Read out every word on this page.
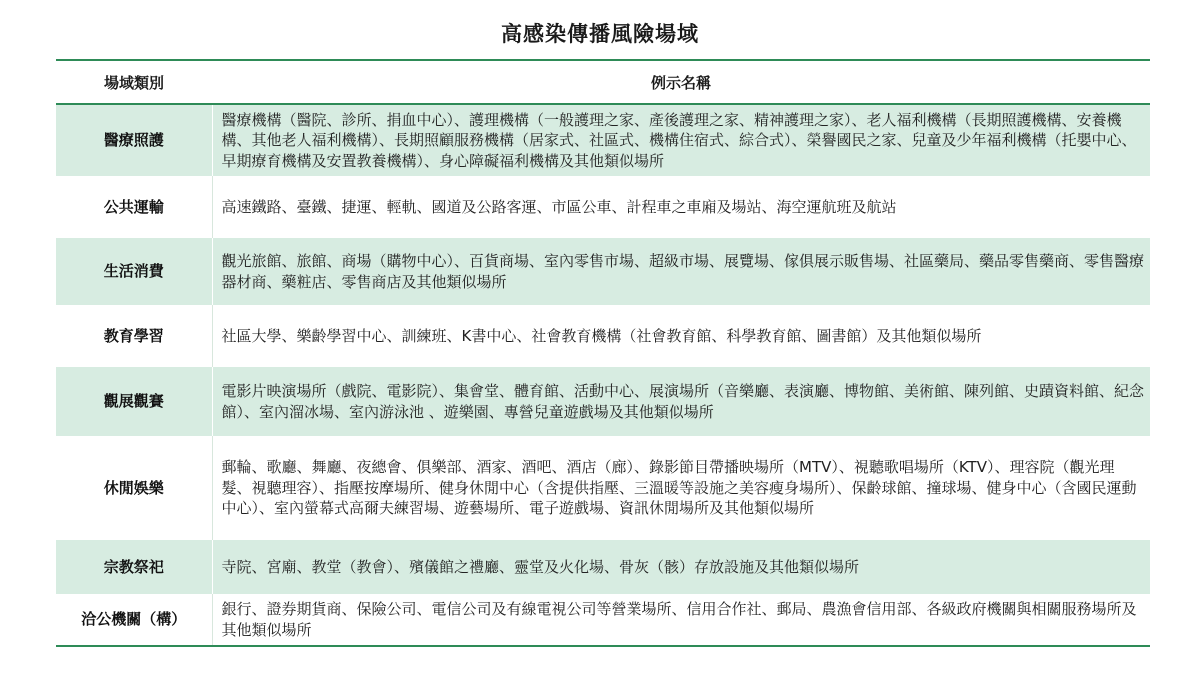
高感染傳播風險場域
場域類別	例示名稱
醫療照護	醫療機構（醫院、診所、捐血中心）、護理機構（一般護理之家、產後護理之家、精神護理之家）、老人福利機構（長期照護機構、安養機構、其他老人福利機構）、長期照顧服務機構（居家式、社區式、機構住宿式、綜合式）、榮譽國民之家、兒童及少年福利機構（托嬰中心、早期療育機構及安置教養機構）、身心障礙福利機構及其他類似場所
公共運輸	高速鐵路、臺鐵、捷運、輕軌、國道及公路客運、市區公車、計程車之車廂及場站、海空運航班及航站
生活消費	觀光旅館、旅館、商場（購物中心）、百貨商場、室內零售市場、超級市場、展覽場、傢俱展示販售場、社區藥局、藥品零售藥商、零售醫療器材商、藥粧店、零售商店及其他類似場所
教育學習	社區大學、樂齡學習中心、訓練班、K書中心、社會教育機構（社會教育館、科學教育館、圖書館）及其他類似場所
觀展觀賽	電影片映演場所（戲院、電影院）、集會堂、體育館、活動中心、展演場所（音樂廳、表演廳、博物館、美術館、陳列館、史蹟資料館、紀念館）、室內溜冰場、室內游泳池 、遊樂園、專營兒童遊戲場及其他類似場所
休閒娛樂	郵輪、歌廳、舞廳、夜總會、俱樂部、酒家、酒吧、酒店（廊）、錄影節目帶播映場所（MTV）、視聽歌唱場所（KTV）、理容院（觀光理髮、視聽理容）、指壓按摩場所、健身休閒中心（含提供指壓、三溫暖等設施之美容瘦身場所）、保齡球館、撞球場、健身中心（含國民運動中心）、室內螢幕式高爾夫練習場、遊藝場所、電子遊戲場、資訊休閒場所及其他類似場所
宗教祭祀	寺院、宮廟、教堂（教會）、殯儀館之禮廳、靈堂及火化場、骨灰（骸）存放設施及其他類似場所
洽公機關（構）	銀行、證券期貨商、保險公司、電信公司及有線電視公司等營業場所、信用合作社、郵局、農漁會信用部、各級政府機關與相關服務場所及其他類似場所
